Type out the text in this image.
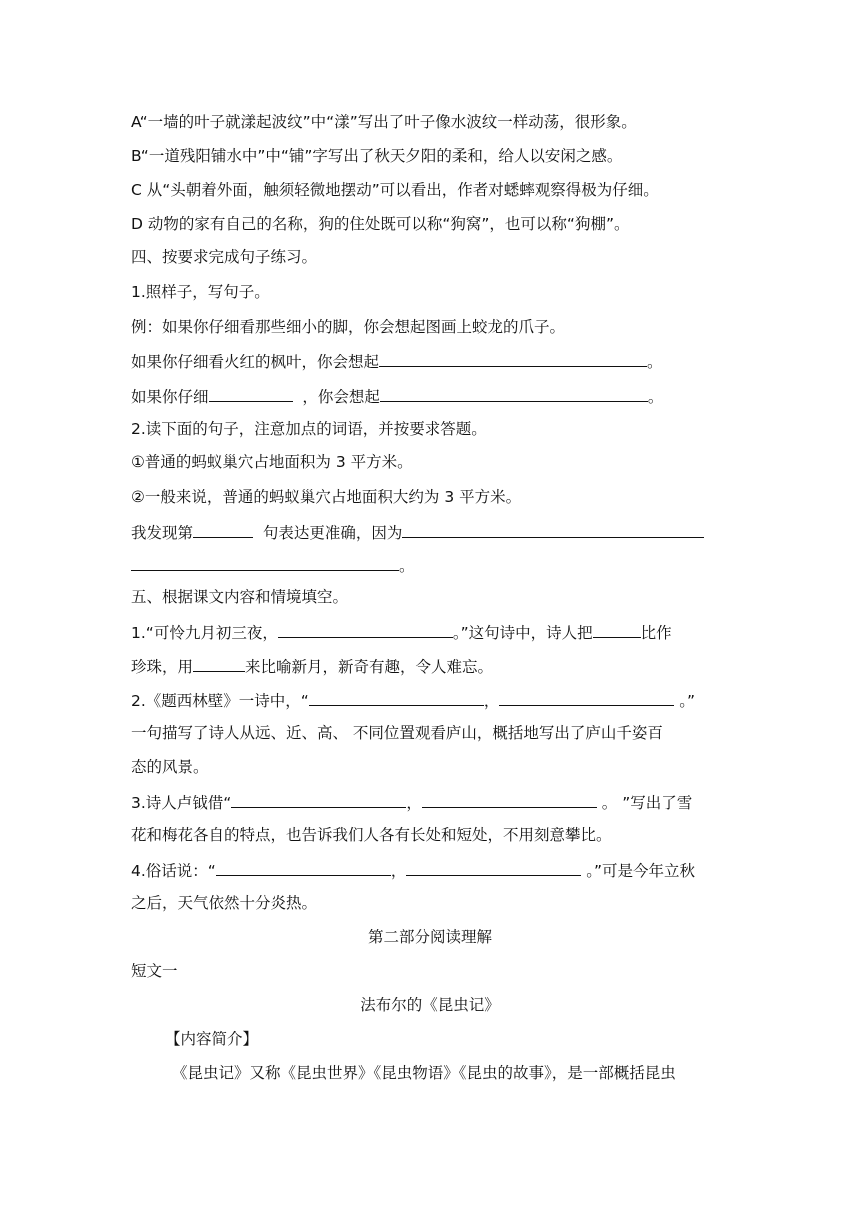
A“一墙的叶子就漾起波纹”中“漾”写出了叶子像水波纹一样动荡，很形象。
B“一道残阳铺水中”中“铺”字写出了秋天夕阳的柔和，给人以安闲之感。
C 从“头朝着外面，触须轻微地摆动”可以看出，作者对蟋蟀观察得极为仔细。
D 动物的家有自己的名称，狗的住处既可以称“狗窝”，也可以称“狗棚”。
四、按要求完成句子练习。
1.照样子，写句子。
例：如果你仔细看那些细小的脚，你会想起图画上蛟龙的爪子。
如果你仔细看火红的枫叶，你会想起	。
如果你仔细	，你会想起	。
2.读下面的句子，注意加点的词语，并按要求答题。
①普通的蚂蚁巢穴占地面积为 3 平方米。
②一般来说，普通的蚂蚁巢穴占地面积大约为 3 平方米。
我发现第	句表达更准确，因为
。
五、根据课文内容和情境填空。
1.“可怜九月初三夜，	。”这句诗中，诗人把	比作
珍珠，用	来比喻新月，新奇有趣，令人难忘。
2.《题西林壁》一诗中，“	，	。”
一句描写了诗人从远、近、高、 不同位置观看庐山，概括地写出了庐山千姿百
态的风景。
3.诗人卢钺借“	，	。 ”写出了雪
花和梅花各自的特点，也告诉我们人各有长处和短处，不用刻意攀比。
4.俗话说：“	，	。”可是今年立秋
之后，天气依然十分炎热。
第二部分阅读理解
短文一
法布尔的《昆虫记》
【内容简介】
《昆虫记》又称《昆虫世界》《昆虫物语》《昆虫的故事》，是一部概括昆虫
